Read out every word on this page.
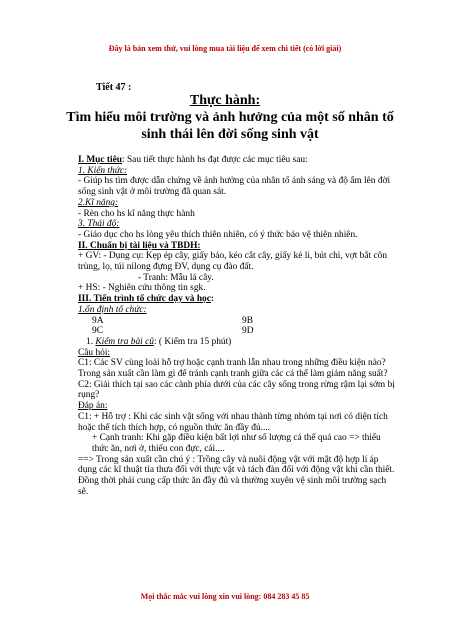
Đây là bản xem thử, vui lòng mua tài liệu để xem chi tiết (có lời giải)
Tiết 47 :
Thực hành:
Tìm hiểu môi trường và ảnh hưởng của một số nhân tố sinh thái lên đời sống sinh vật

I. Mục tiêu: Sau tiết thực hành hs đạt được các mục tiêu sau:

1. Kiến thức:

- Giúp hs tìm được dẫn chứng về ảnh hưởng của nhân tố ánh sáng và độ ẩm lên đời sống sinh vật ở môi trường đã quan sát.

2.Kĩ năng:

- Rèn cho hs kĩ năng thực hành

3. Thái độ:

- Giáo dục cho hs lòng yêu thích thiên nhiên, có ý thức bảo vệ thiên nhiên.

II. Chuẩn bị tài liệu và TBDH:

+ GV: - Dụng cụ: Kẹp ép cây, giấy báo, kéo cắt cây, giấy kẻ li, bút chì, vợt bắt côn trùng, lọ, túi nilong đựng ĐV, dụng cụ đào đất.

- Tranh: Mẫu lá cây.

+ HS: - Nghiên cứu thông tin sgk.

III. Tiến trình tổ chức dạy và học:

1.ổn định tổ chức:

9A	9B

9C	9D

1. Kiểm tra bài cũ: ( Kiểm tra 15 phút)

Câu hỏi:

C1: Các SV cùng loài hỗ trợ hoặc cạnh tranh lẫn nhau trong những điều kiện nào? Trong sản xuất cần làm gì để tránh cạnh tranh giữa các cá thể làm giảm năng suất?

C2: Giải thích tại sao các cành phía dưới của các cây sống trong rừng rậm lại sớm bị rụng?

Đáp án:

C1: + Hỗ trợ : Khi các sinh vật sống với nhau thành từng nhóm tại nơi có diện tích hoặc thể tích thích hợp, có nguồn thức ăn đầy đủ....

+ Cạnh tranh: Khi gặp điều kiện bất lợi như số lượng cá thể quá cao => thiếu thức ăn, nơi ở, thiếu con đực, cái....

==> Trong sản xuất cần chú ý : Trồng cây và nuôi động vật với mật độ hợp lí áp dụng các kĩ thuật tỉa thưa đối với thực vật và tách đàn đối với động vật khi cần thiết. Đồng thời phải cung cấp thức ăn đầy đủ và thường xuyên vệ sinh môi trường sạch sẽ.

Mọi thắc mắc vui lòng xin vui lòng: 084 283 45 85
